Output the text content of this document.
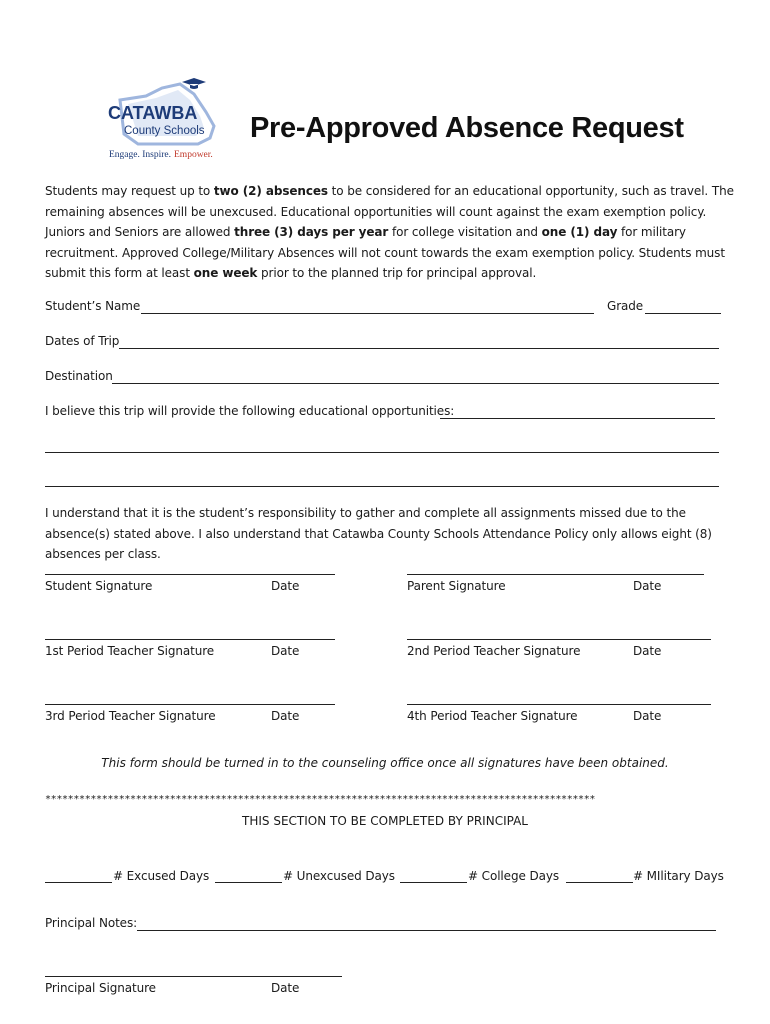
CATAWBA
County Schools
Engage. Inspire. Empower.
Pre-Approved Absence Request
Students may request up to two (2) absences to be considered for an educational opportunity, such as travel. The remaining absences will be unexcused. Educational opportunities will count against the exam exemption policy. Juniors and Seniors are allowed three (3) days per year for college visitation and one (1) day for military recruitment. Approved College/Military Absences will not count towards the exam exemption policy. Students must submit this form at least one week prior to the planned trip for principal approval.
Student’s Name	Grade
Dates of Trip
Destination
I believe this trip will provide the following educational opportunities:
I understand that it is the student’s responsibility to gather and complete all assignments missed due to the absence(s) stated above. I also understand that Catawba County Schools Attendance Policy only allows eight (8) absences per class.
Student Signature	Date	Parent Signature	Date
1st Period Teacher Signature	Date	2nd Period Teacher Signature	Date
3rd Period Teacher Signature	Date	4th Period Teacher Signature	Date
This form should be turned in to the counseling office once all signatures have been obtained.
*************************************************************************************************
THIS SECTION TO BE COMPLETED BY PRINCIPAL
# Excused Days	# Unexcused Days	# College Days	# MIlitary Days
Principal Notes:
Principal Signature	Date
